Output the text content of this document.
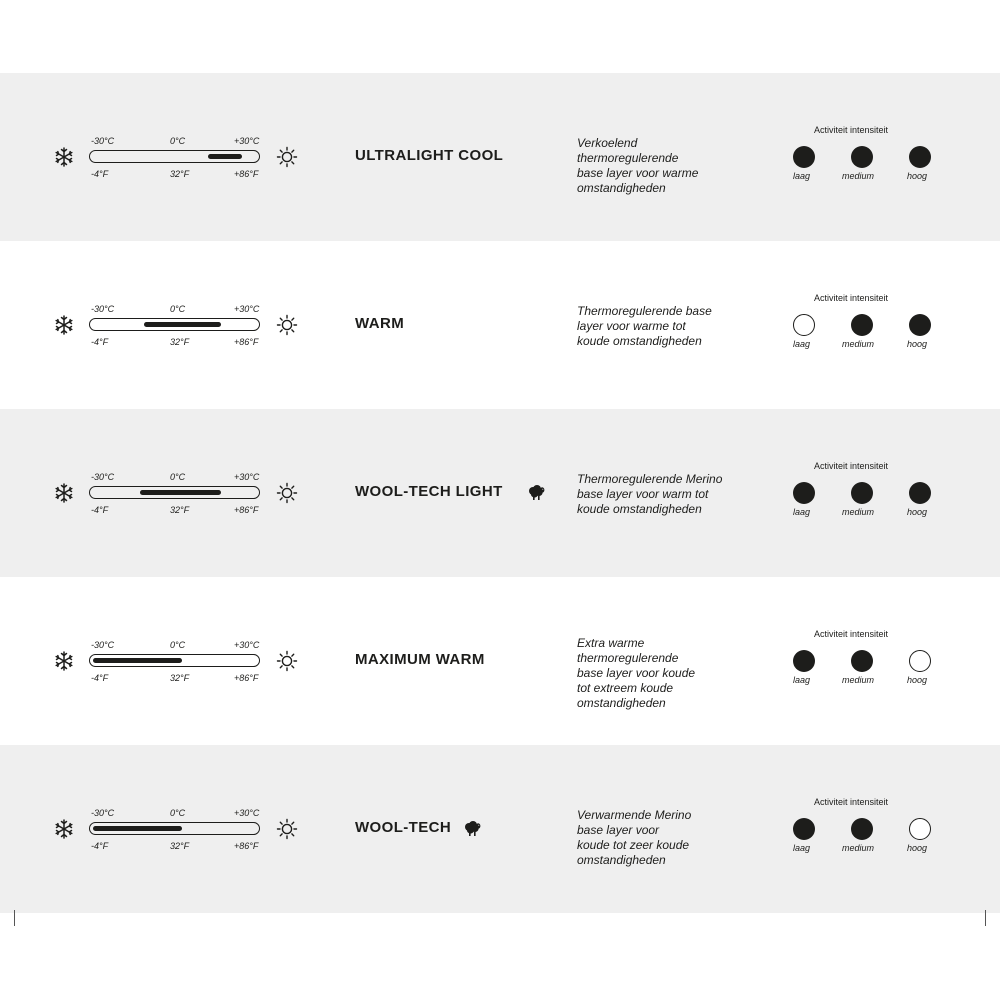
-30°C	0°C	+30°C
-4°F	32°F	+86°F
ULTRALIGHT COOL
Verkoelend
thermoregulerende
base layer voor warme
omstandigheden
Activiteit intensiteit
laag	medium	hoog
-30°C	0°C	+30°C
-4°F	32°F	+86°F
WARM
Thermoregulerende base
layer voor warme tot
koude omstandigheden
Activiteit intensiteit
laag	medium	hoog
-30°C	0°C	+30°C
-4°F	32°F	+86°F
WOOL-TECH LIGHT
Thermoregulerende Merino
base layer voor warm tot
koude omstandigheden
Activiteit intensiteit
laag	medium	hoog
-30°C	0°C	+30°C
-4°F	32°F	+86°F
MAXIMUM WARM
Extra warme
thermoregulerende
base layer voor koude
tot extreem koude
omstandigheden
Activiteit intensiteit
laag	medium	hoog
-30°C	0°C	+30°C
-4°F	32°F	+86°F
WOOL-TECH
Verwarmende Merino
base layer voor
koude tot zeer koude
omstandigheden
Activiteit intensiteit
laag	medium	hoog
